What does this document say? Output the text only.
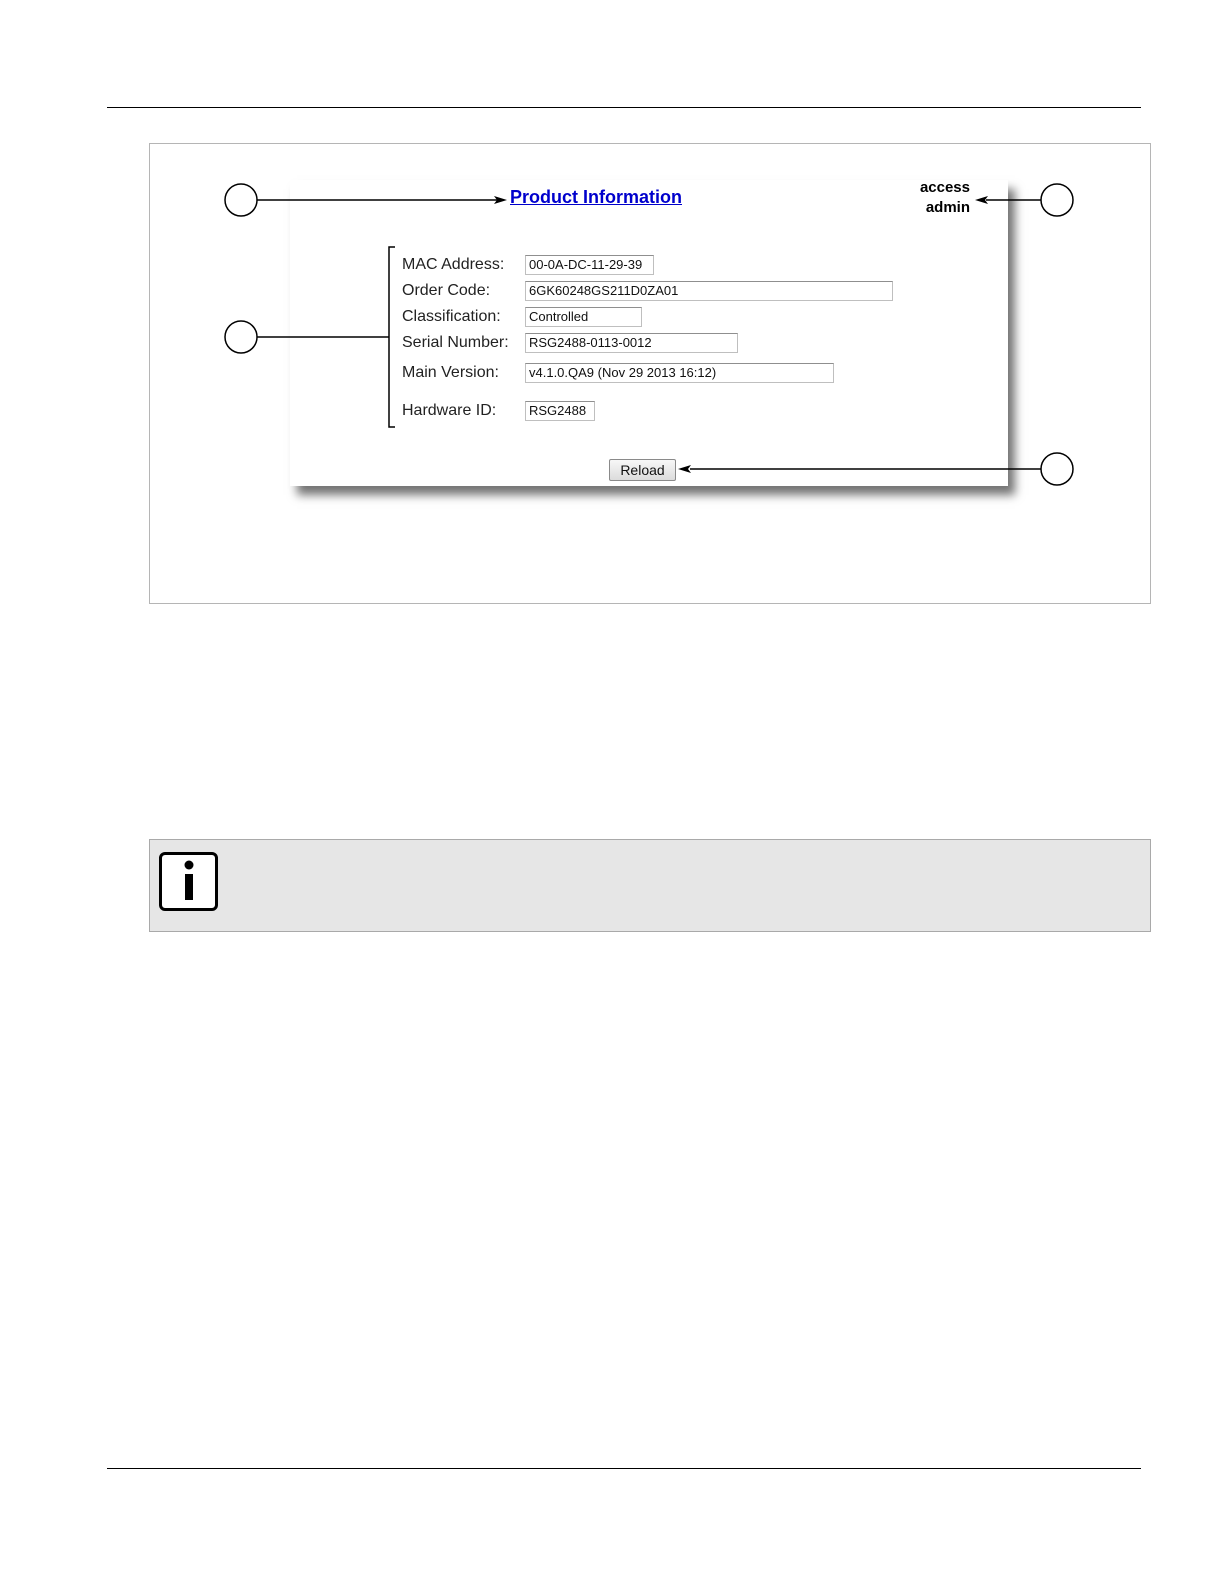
Product Information	access
admin
MAC Address:	00-0A-DC-11-29-39
Order Code:	6GK60248GS211D0ZA01
Classification:	Controlled
Serial Number:	RSG2488-0113-0012
Main Version:	v4.1.0.QA9 (Nov 29 2013 16:12)
Hardware ID:	RSG2488
Reload
